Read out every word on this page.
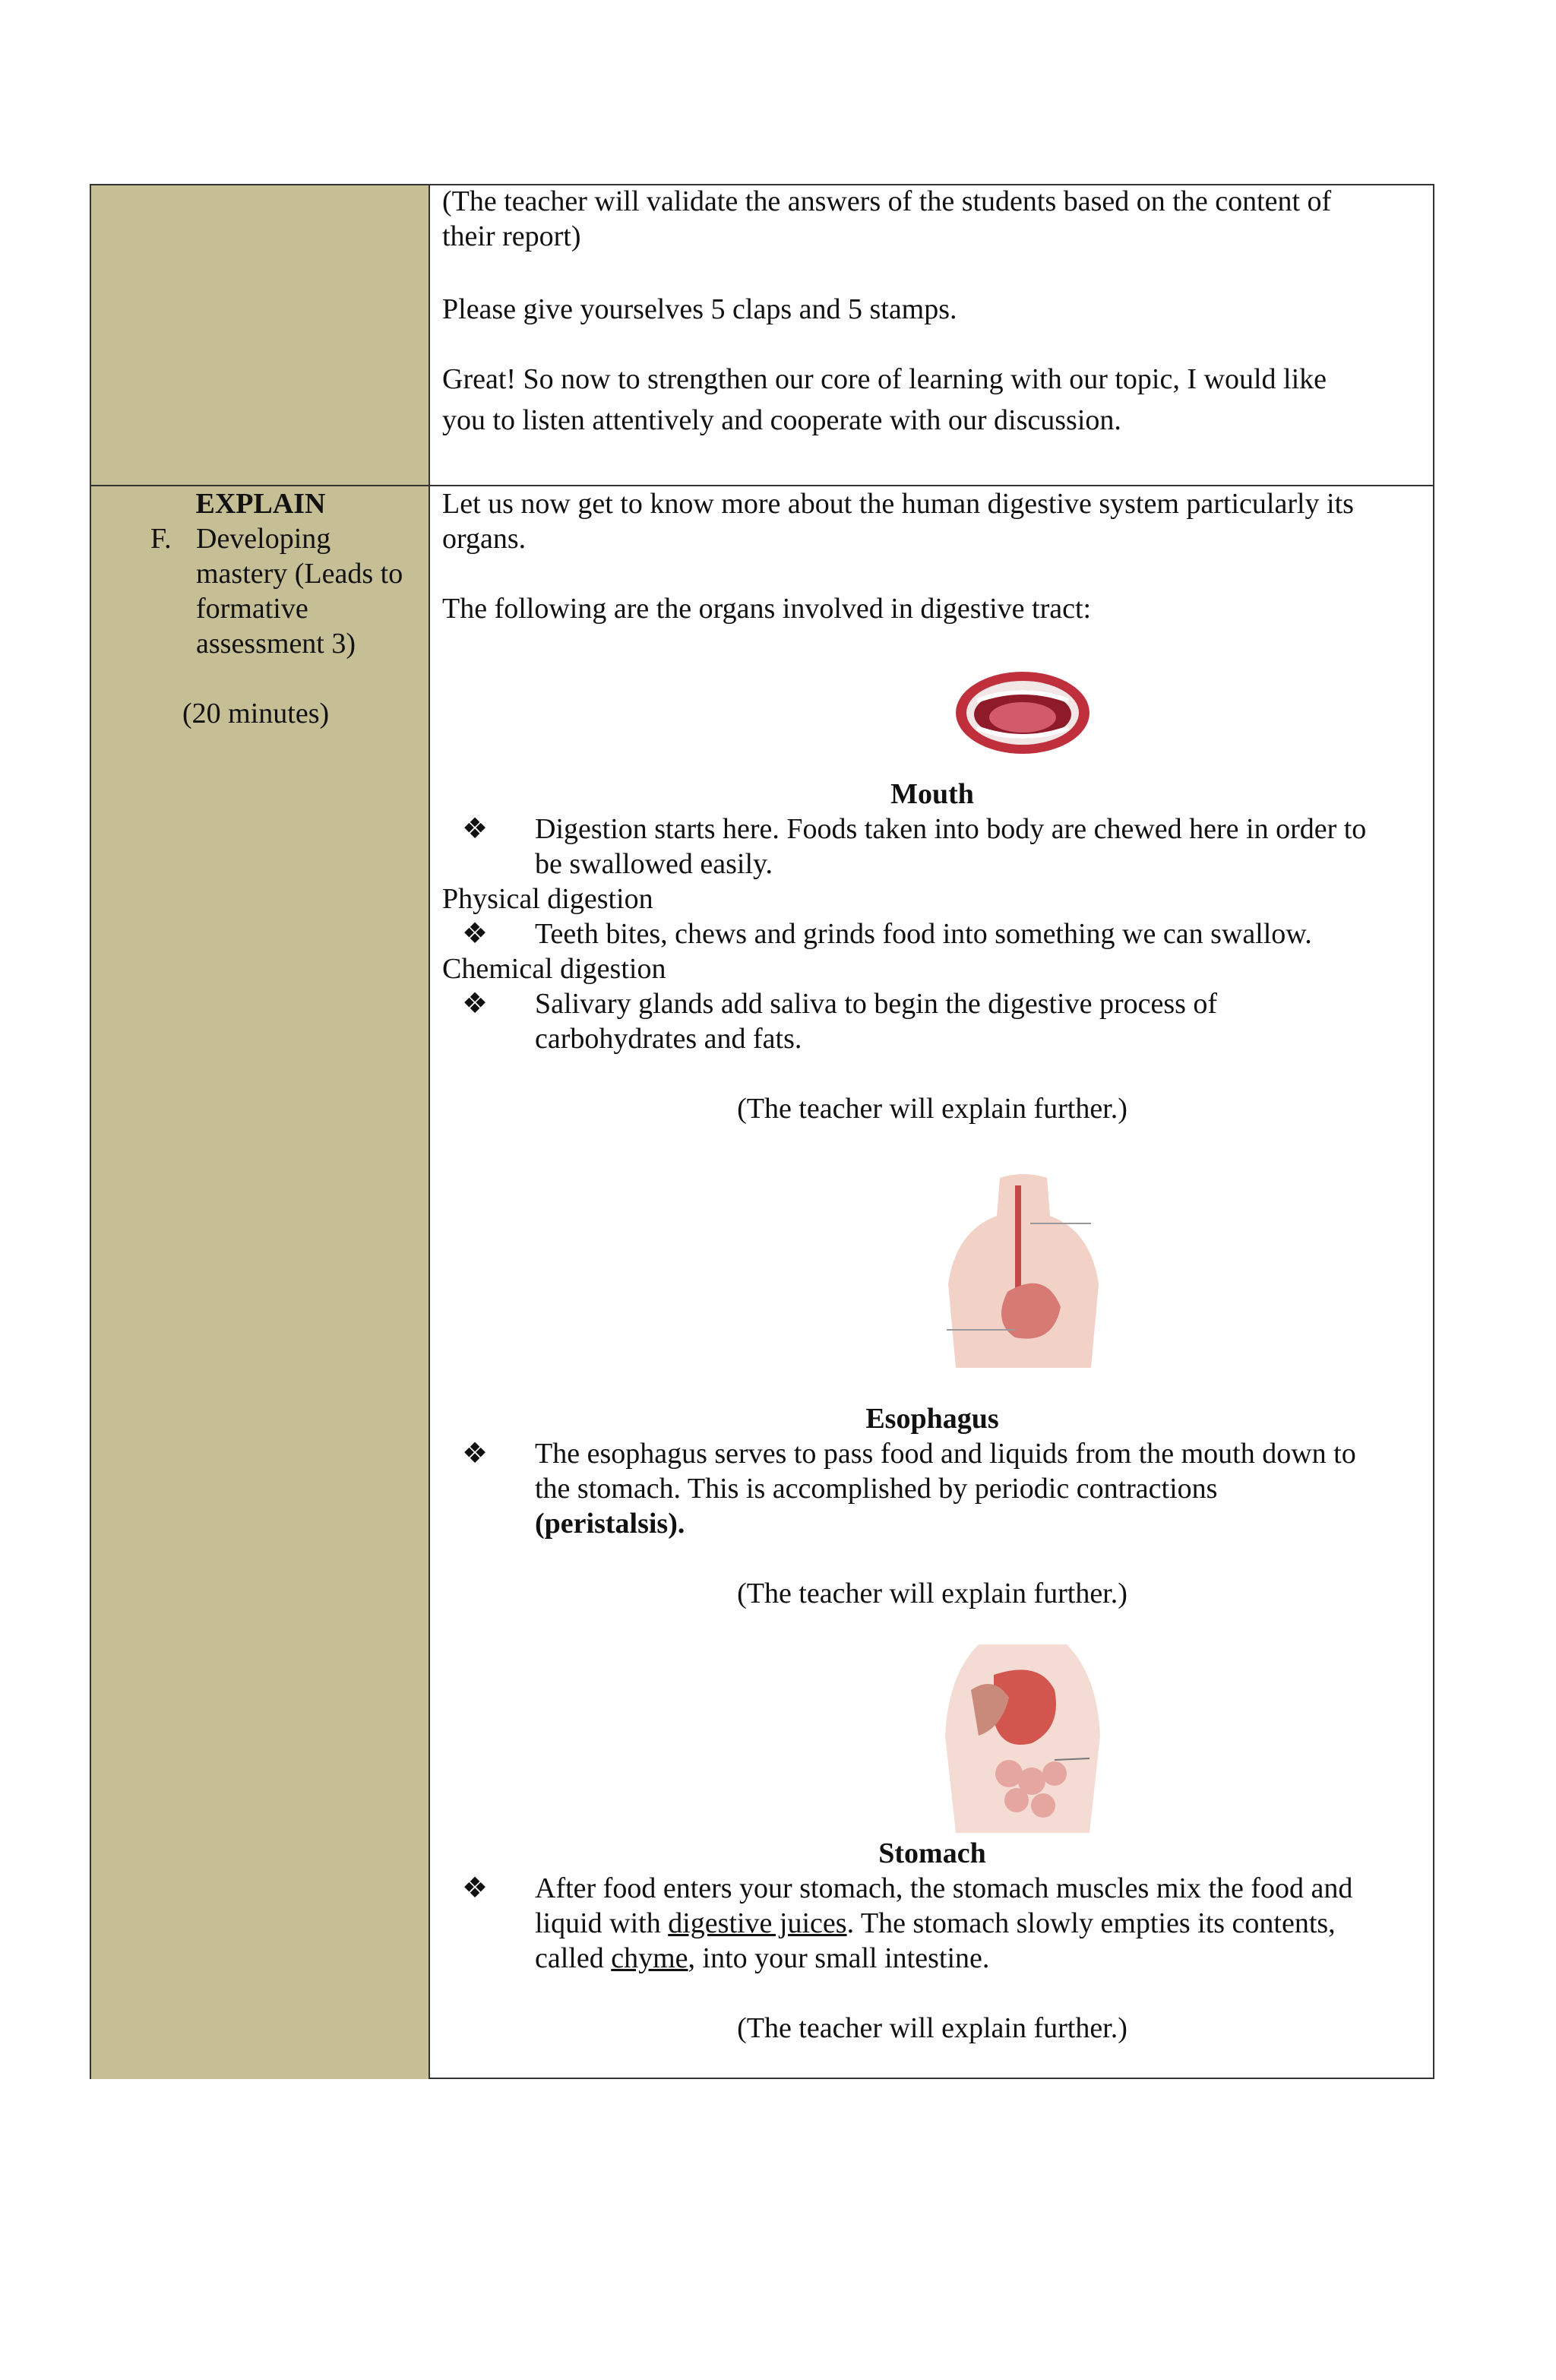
(The teacher will validate the answers of the students based on the content of
their report)
Please give yourselves 5 claps and 5 stamps.
Great! So now to strengthen our core of learning with our topic, I would like
you to listen attentively and cooperate with our discussion.
EXPLAIN
F. Developing
mastery (Leads to
formative
assessment 3)
(20 minutes)
Let us now get to know more about the human digestive system particularly its
organs.
The following are the organs involved in digestive tract:
Mouth
❖ Digestion starts here. Foods taken into body are chewed here in order to
be swallowed easily.
Physical digestion
❖ Teeth bites, chews and grinds food into something we can swallow.
Chemical digestion
❖ Salivary glands add saliva to begin the digestive process of
carbohydrates and fats.
(The teacher will explain further.)
Esophagus
❖ The esophagus serves to pass food and liquids from the mouth down to
the stomach. This is accomplished by periodic contractions
(peristalsis).
(The teacher will explain further.)
Stomach
❖ After food enters your stomach, the stomach muscles mix the food and
liquid with digestive juices. The stomach slowly empties its contents,
called chyme, into your small intestine.
(The teacher will explain further.)
